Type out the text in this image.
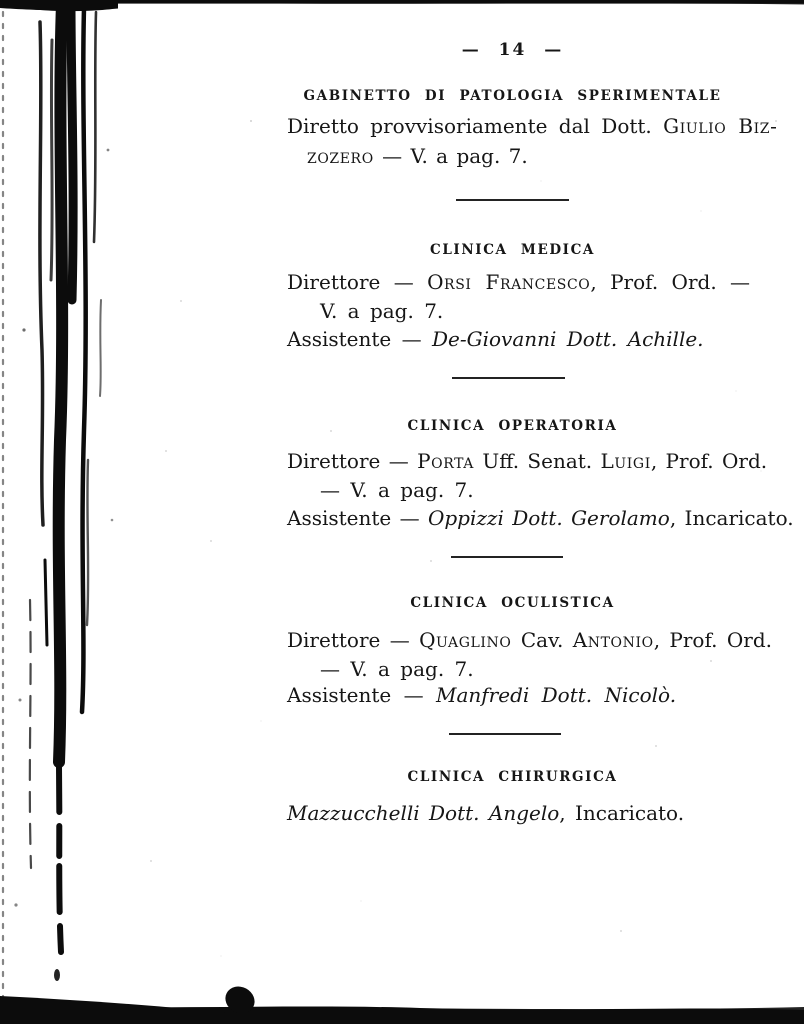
— 14 —
GABINETTO DI PATOLOGIA SPERIMENTALE
Diretto provvisoriamente dal Dott. Giulio Biz-
zozero — V. a pag. 7.
CLINICA MEDICA
Direttore — Orsi Francesco, Prof. Ord. —
V. a pag. 7.
Assistente — De-Giovanni Dott. Achille.
CLINICA OPERATORIA
Direttore — Porta Uff. Senat. Luigi, Prof. Ord.
— V. a pag. 7.
Assistente — Oppizzi Dott. Gerolamo, Incaricato.
CLINICA OCULISTICA
Direttore — Quaglino Cav. Antonio, Prof. Ord.
— V. a pag. 7.
Assistente — Manfredi Dott. Nicolò.
CLINICA CHIRURGICA
Mazzucchelli Dott. Angelo, Incaricato.
